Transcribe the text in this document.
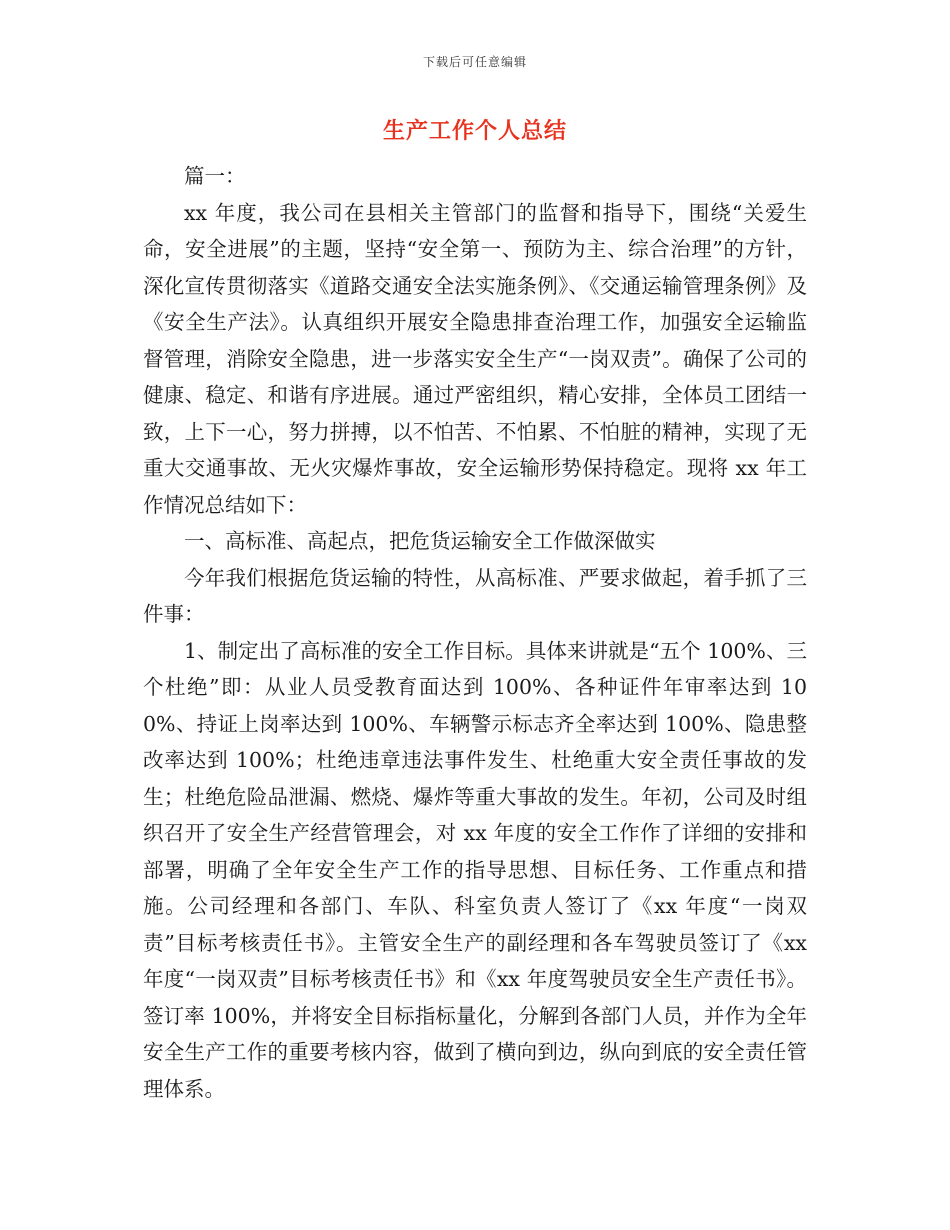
下载后可任意编辑
生产工作个人总结

篇一：

xx 年度，我公司在县相关主管部门的监督和指导下，围绕“关爱生命，安全进展”的主题，坚持“安全第一、预防为主、综合治理”的方针，深化宣传贯彻落实《道路交通安全法实施条例》、《交通运输管理条例》及《安全生产法》。认真组织开展安全隐患排查治理工作，加强安全运输监督管理，消除安全隐患，进一步落实安全生产“一岗双责”。确保了公司的健康、稳定、和谐有序进展。通过严密组织，精心安排，全体员工团结一致，上下一心，努力拼搏，以不怕苦、不怕累、不怕脏的精神，实现了无重大交通事故、无火灾爆炸事故，安全运输形势保持稳定。现将 xx 年工作情况总结如下：

一、高标准、高起点，把危货运输安全工作做深做实

今年我们根据危货运输的特性，从高标准、严要求做起，着手抓了三件事：

1、制定出了高标准的安全工作目标。具体来讲就是“五个 100%、三个杜绝”即：从业人员受教育面达到 100%、各种证件年审率达到 100%、持证上岗率达到 100%、车辆警示标志齐全率达到 100%、隐患整改率达到 100%；杜绝违章违法事件发生、杜绝重大安全责任事故的发生；杜绝危险品泄漏、燃烧、爆炸等重大事故的发生。年初，公司及时组织召开了安全生产经营管理会，对 xx 年度的安全工作作了详细的安排和部署，明确了全年安全生产工作的指导思想、目标任务、工作重点和措施。公司经理和各部门、车队、科室负责人签订了《xx 年度“一岗双责”目标考核责任书》。主管安全生产的副经理和各车驾驶员签订了《xx 年度“一岗双责”目标考核责任书》和《xx 年度驾驶员安全生产责任书》。签订率 100%，并将安全目标指标量化，分解到各部门人员，并作为全年安全生产工作的重要考核内容，做到了横向到边，纵向到底的安全责任管理体系。
